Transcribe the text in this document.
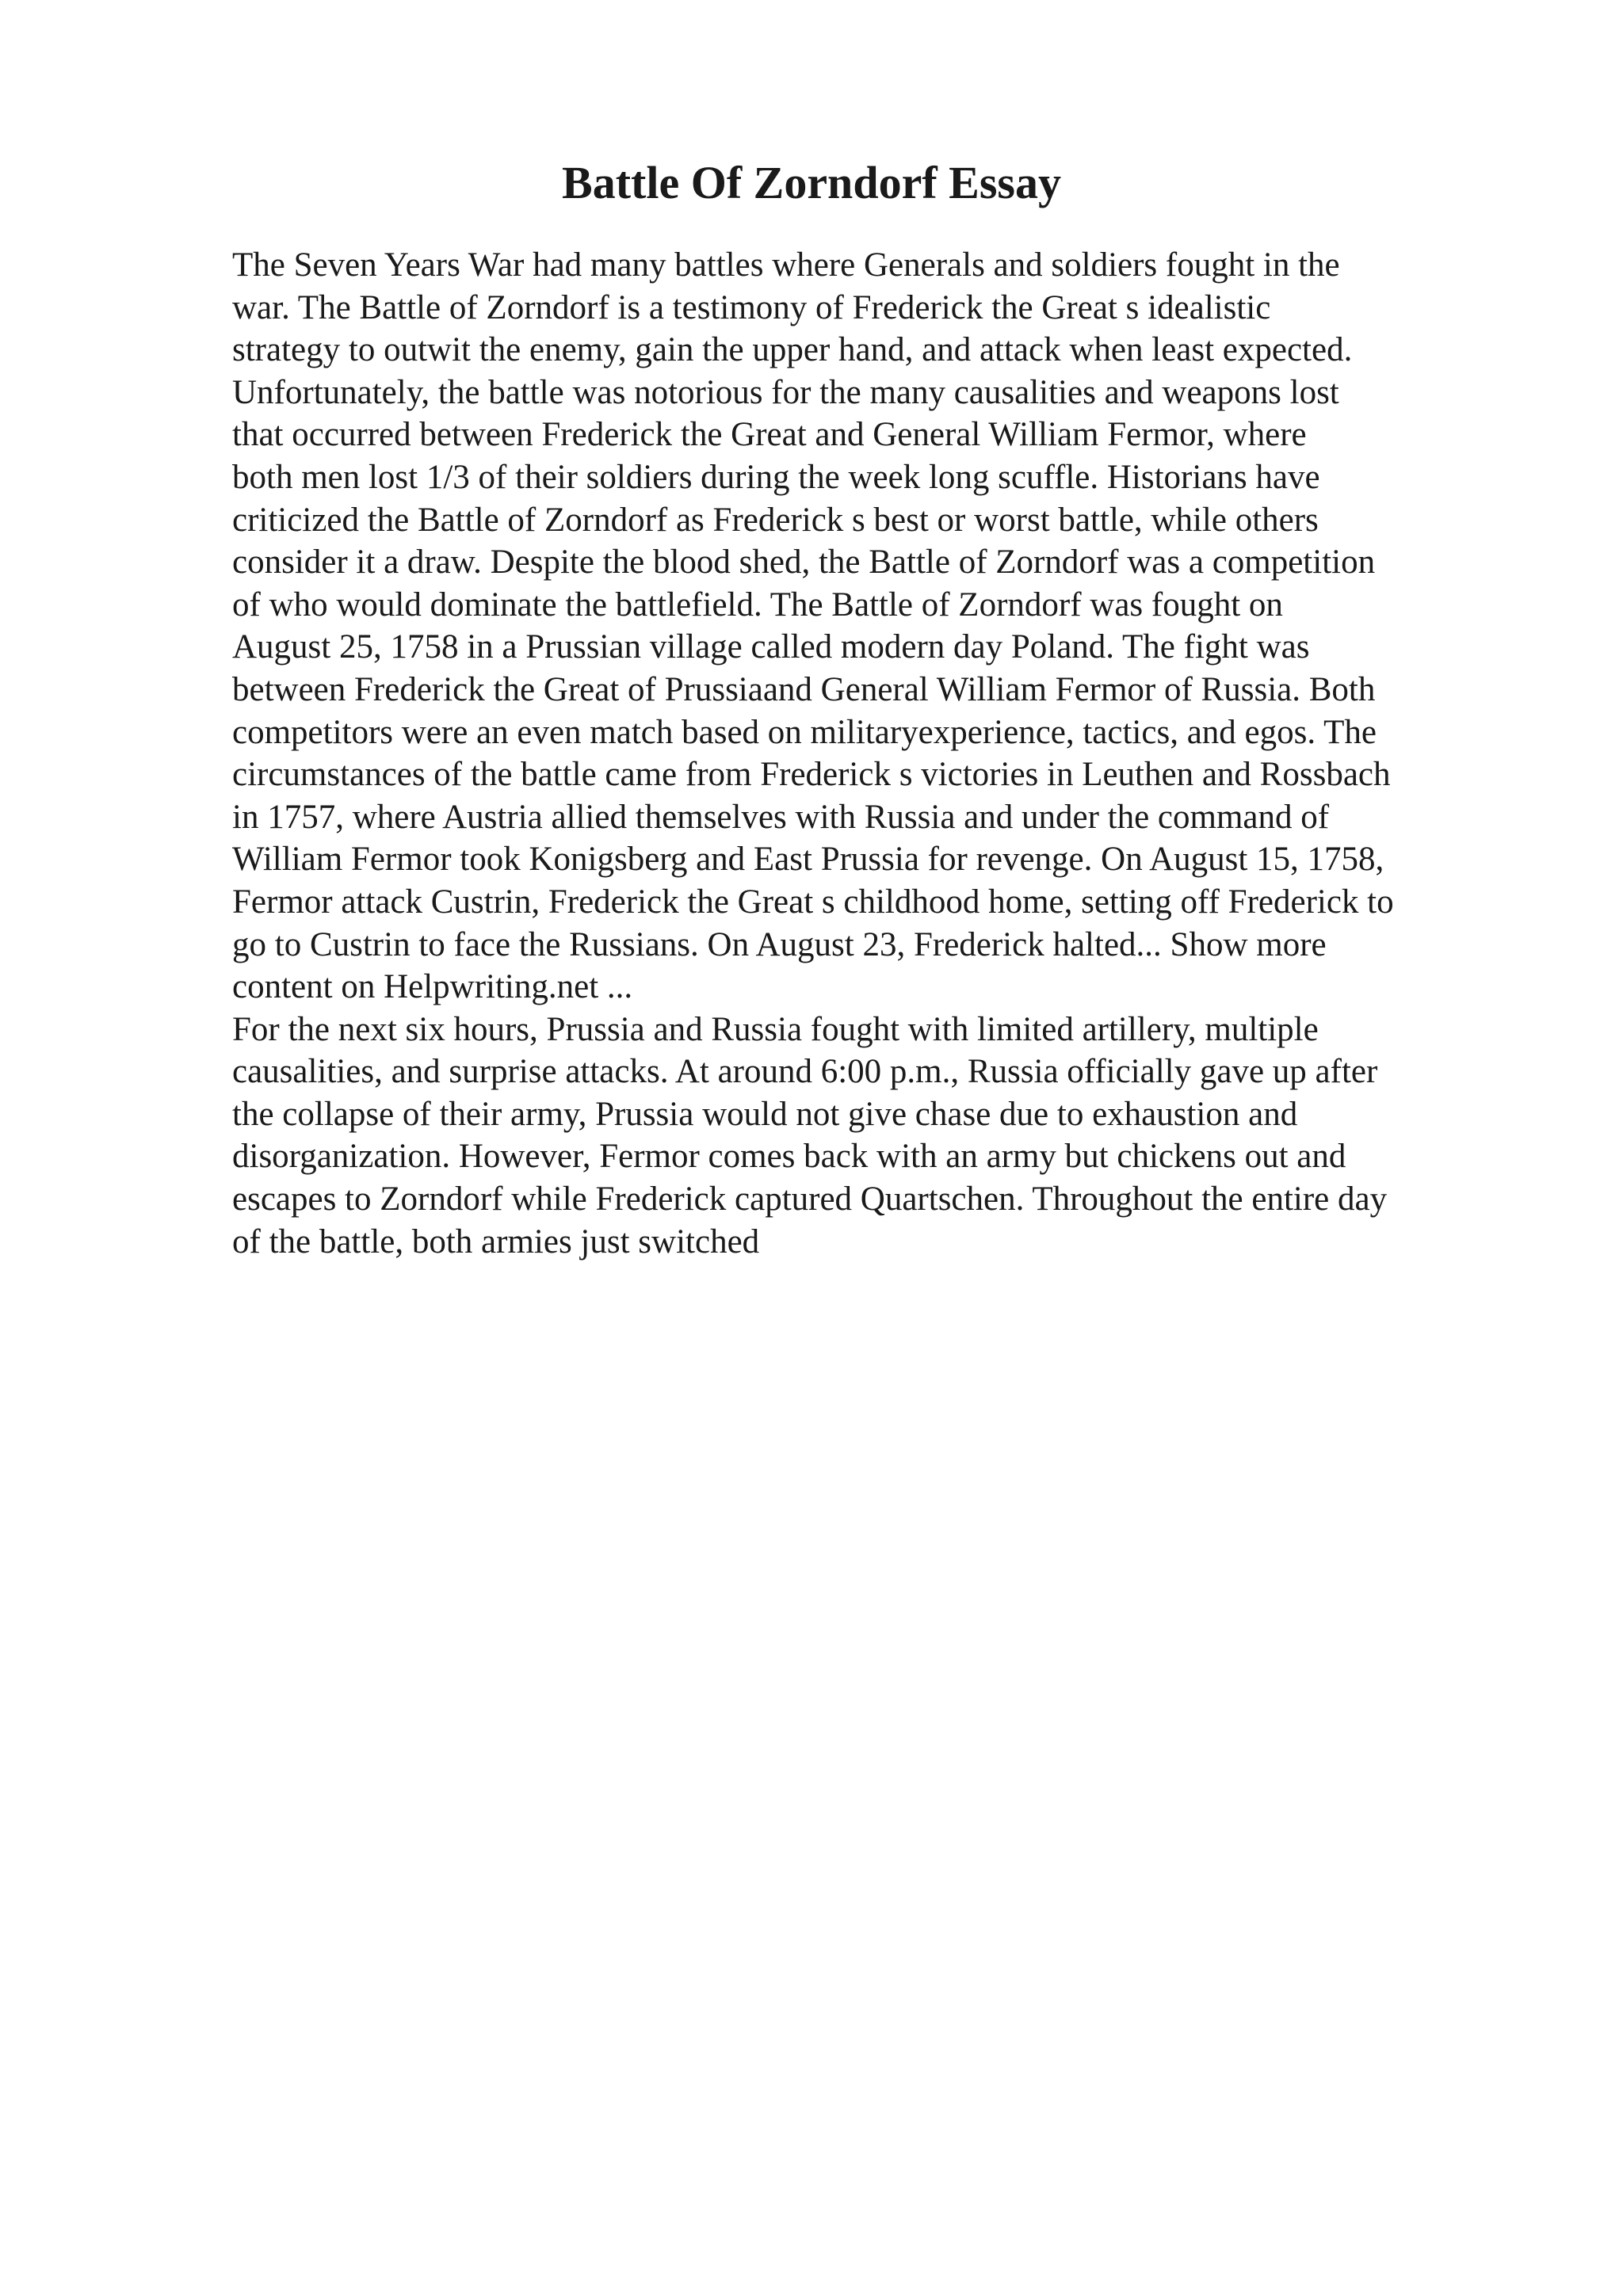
Battle Of Zorndorf Essay
The Seven Years War had many battles where Generals and soldiers fought in the
war. The Battle of Zorndorf is a testimony of Frederick the Great s idealistic
strategy to outwit the enemy, gain the upper hand, and attack when least expected.
Unfortunately, the battle was notorious for the many causalities and weapons lost
that occurred between Frederick the Great and General William Fermor, where
both men lost 1/3 of their soldiers during the week long scuffle. Historians have
criticized the Battle of Zorndorf as Frederick s best or worst battle, while others
consider it a draw. Despite the blood shed, the Battle of Zorndorf was a competition
of who would dominate the battlefield. The Battle of Zorndorf was fought on
August 25, 1758 in a Prussian village called modern day Poland. The fight was
between Frederick the Great of Prussiaand General William Fermor of Russia. Both
competitors were an even match based on militaryexperience, tactics, and egos. The
circumstances of the battle came from Frederick s victories in Leuthen and Rossbach
in 1757, where Austria allied themselves with Russia and under the command of
William Fermor took Konigsberg and East Prussia for revenge. On August 15, 1758,
Fermor attack Custrin, Frederick the Great s childhood home, setting off Frederick to
go to Custrin to face the Russians. On August 23, Frederick halted... Show more
content on Helpwriting.net ...
For the next six hours, Prussia and Russia fought with limited artillery, multiple
causalities, and surprise attacks. At around 6:00 p.m., Russia officially gave up after
the collapse of their army, Prussia would not give chase due to exhaustion and
disorganization. However, Fermor comes back with an army but chickens out and
escapes to Zorndorf while Frederick captured Quartschen. Throughout the entire day
of the battle, both armies just switched
